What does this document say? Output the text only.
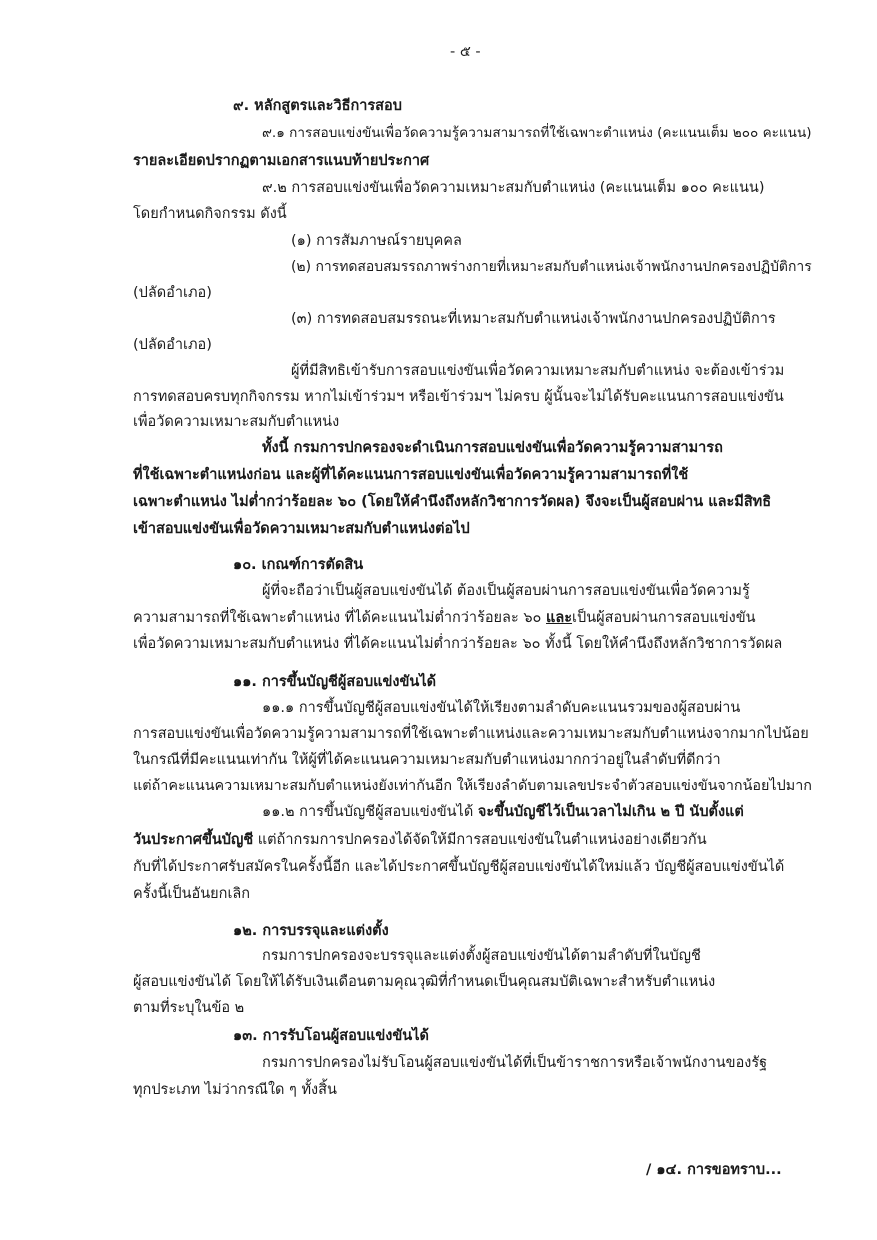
- ๕ -
๙. หลักสูตรและวิธีการสอบ
๙.๑ การสอบแข่งขันเพื่อวัดความรู้ความสามารถที่ใช้เฉพาะตำแหน่ง (คะแนนเต็ม ๒๐๐ คะแนน)
รายละเอียดปรากฏตามเอกสารแนบท้ายประกาศ
๙.๒ การสอบแข่งขันเพื่อวัดความเหมาะสมกับตำแหน่ง (คะแนนเต็ม ๑๐๐ คะแนน)
โดยกำหนดกิจกรรม ดังนี้
(๑) การสัมภาษณ์รายบุคคล
(๒) การทดสอบสมรรถภาพร่างกายที่เหมาะสมกับตำแหน่งเจ้าพนักงานปกครองปฏิบัติการ
(ปลัดอำเภอ)
(๓) การทดสอบสมรรถนะที่เหมาะสมกับตำแหน่งเจ้าพนักงานปกครองปฏิบัติการ
(ปลัดอำเภอ)
ผู้ที่มีสิทธิเข้ารับการสอบแข่งขันเพื่อวัดความเหมาะสมกับตำแหน่ง จะต้องเข้าร่วม
การทดสอบครบทุกกิจกรรม หากไม่เข้าร่วมฯ หรือเข้าร่วมฯ ไม่ครบ ผู้นั้นจะไม่ได้รับคะแนนการสอบแข่งขัน
เพื่อวัดความเหมาะสมกับตำแหน่ง
ทั้งนี้ กรมการปกครองจะดำเนินการสอบแข่งขันเพื่อวัดความรู้ความสามารถ
ที่ใช้เฉพาะตำแหน่งก่อน และผู้ที่ได้คะแนนการสอบแข่งขันเพื่อวัดความรู้ความสามารถที่ใช้
เฉพาะตำแหน่ง ไม่ต่ำกว่าร้อยละ ๖๐ (โดยให้คำนึงถึงหลักวิชาการวัดผล) จึงจะเป็นผู้สอบผ่าน และมีสิทธิ
เข้าสอบแข่งขันเพื่อวัดความเหมาะสมกับตำแหน่งต่อไป
๑๐. เกณฑ์การตัดสิน
ผู้ที่จะถือว่าเป็นผู้สอบแข่งขันได้ ต้องเป็นผู้สอบผ่านการสอบแข่งขันเพื่อวัดความรู้
ความสามารถที่ใช้เฉพาะตำแหน่ง ที่ได้คะแนนไม่ต่ำกว่าร้อยละ ๖๐ และเป็นผู้สอบผ่านการสอบแข่งขัน
เพื่อวัดความเหมาะสมกับตำแหน่ง ที่ได้คะแนนไม่ต่ำกว่าร้อยละ ๖๐ ทั้งนี้ โดยให้คำนึงถึงหลักวิชาการวัดผล
๑๑. การขึ้นบัญชีผู้สอบแข่งขันได้
๑๑.๑ การขึ้นบัญชีผู้สอบแข่งขันได้ให้เรียงตามลำดับคะแนนรวมของผู้สอบผ่าน
การสอบแข่งขันเพื่อวัดความรู้ความสามารถที่ใช้เฉพาะตำแหน่งและความเหมาะสมกับตำแหน่งจากมากไปน้อย
ในกรณีที่มีคะแนนเท่ากัน ให้ผู้ที่ได้คะแนนความเหมาะสมกับตำแหน่งมากกว่าอยู่ในลำดับที่ดีกว่า
แต่ถ้าคะแนนความเหมาะสมกับตำแหน่งยังเท่ากันอีก ให้เรียงลำดับตามเลขประจำตัวสอบแข่งขันจากน้อยไปมาก
๑๑.๒ การขึ้นบัญชีผู้สอบแข่งขันได้ จะขึ้นบัญชีไว้เป็นเวลาไม่เกิน ๒ ปี นับตั้งแต่
วันประกาศขึ้นบัญชี แต่ถ้ากรมการปกครองได้จัดให้มีการสอบแข่งขันในตำแหน่งอย่างเดียวกัน
กับที่ได้ประกาศรับสมัครในครั้งนี้อีก และได้ประกาศขึ้นบัญชีผู้สอบแข่งขันได้ใหม่แล้ว บัญชีผู้สอบแข่งขันได้
ครั้งนี้เป็นอันยกเลิก
๑๒. การบรรจุและแต่งตั้ง
กรมการปกครองจะบรรจุและแต่งตั้งผู้สอบแข่งขันได้ตามลำดับที่ในบัญชี
ผู้สอบแข่งขันได้ โดยให้ได้รับเงินเดือนตามคุณวุฒิที่กำหนดเป็นคุณสมบัติเฉพาะสำหรับตำแหน่ง
ตามที่ระบุในข้อ ๒
๑๓. การรับโอนผู้สอบแข่งขันได้
กรมการปกครองไม่รับโอนผู้สอบแข่งขันได้ที่เป็นข้าราชการหรือเจ้าพนักงานของรัฐ
ทุกประเภท ไม่ว่ากรณีใด ๆ ทั้งสิ้น
/ ๑๔. การขอทราบ...
